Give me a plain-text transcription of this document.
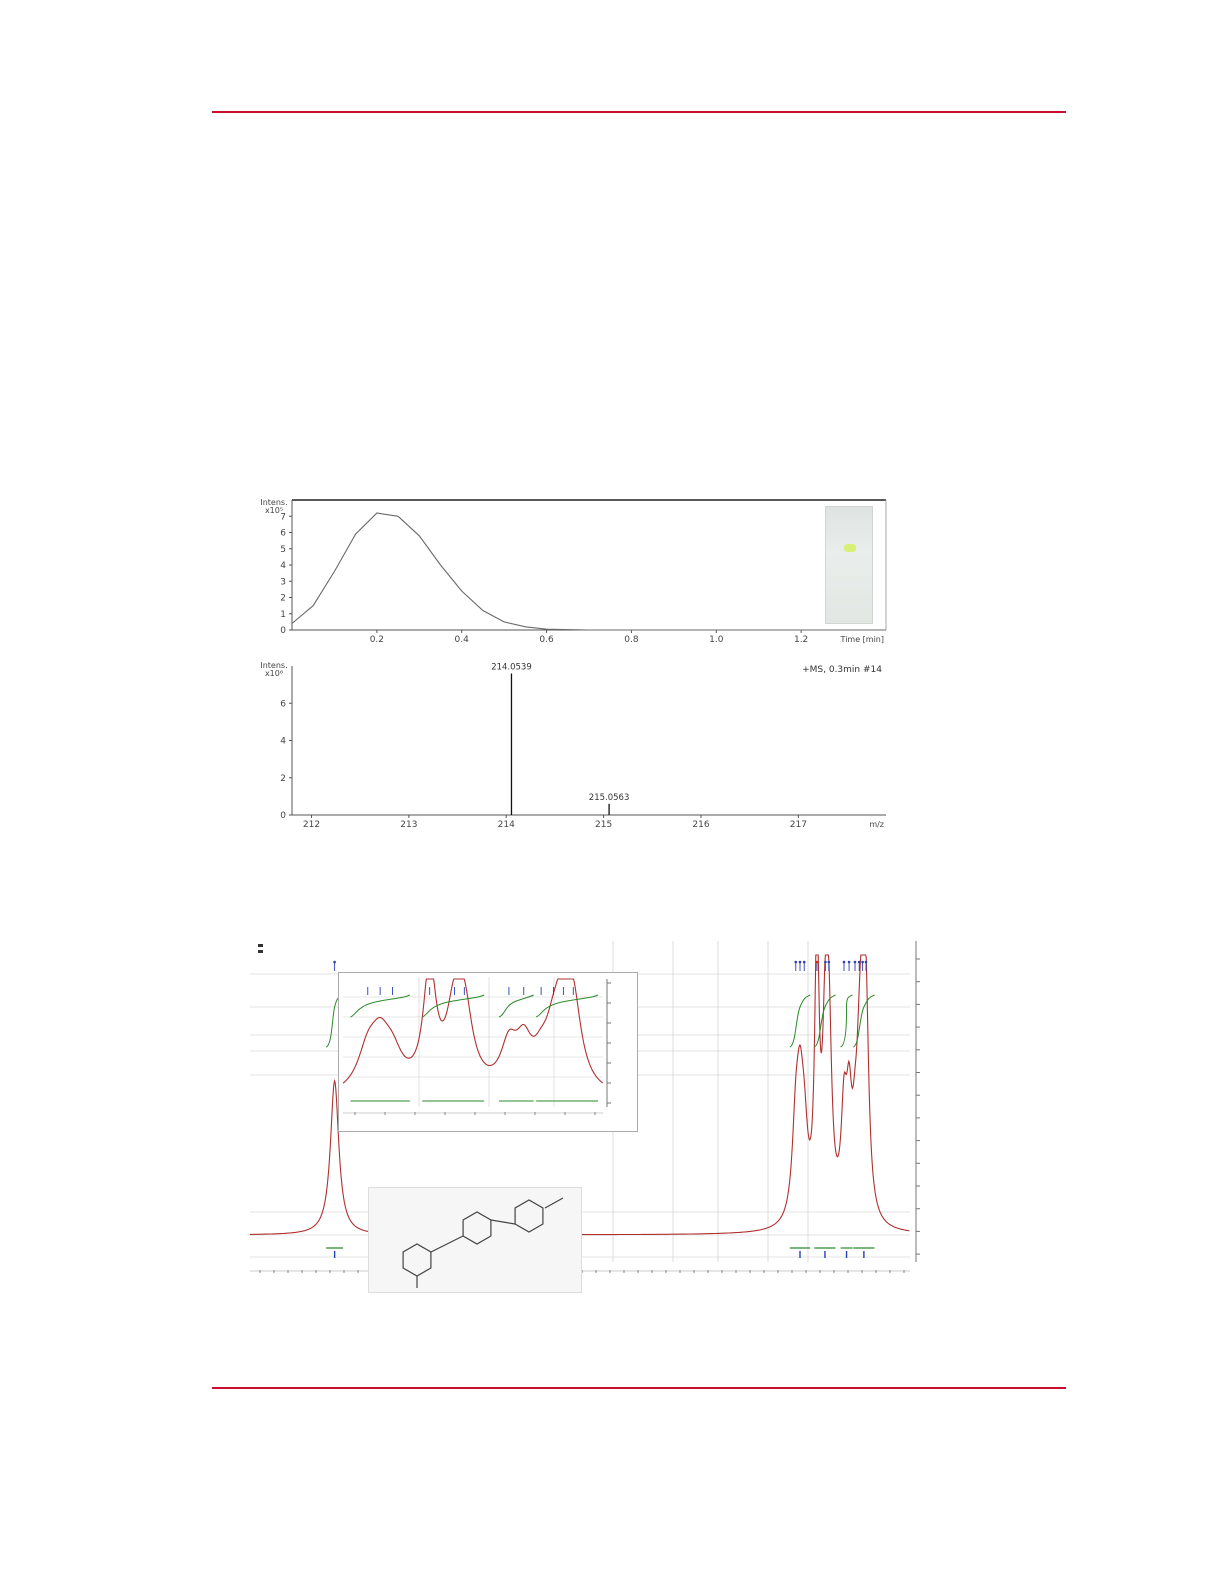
0
1
2
3
4
5
6
7
0.2	0.4	0.6	0.8	1.0	1.2
Intens.
x10⁵
Time [min]
0
2
4
6
212	213	214	215	216	217
Intens.
x10⁶
m/z
+MS, 0.3min #14
214.0539
215.0563
